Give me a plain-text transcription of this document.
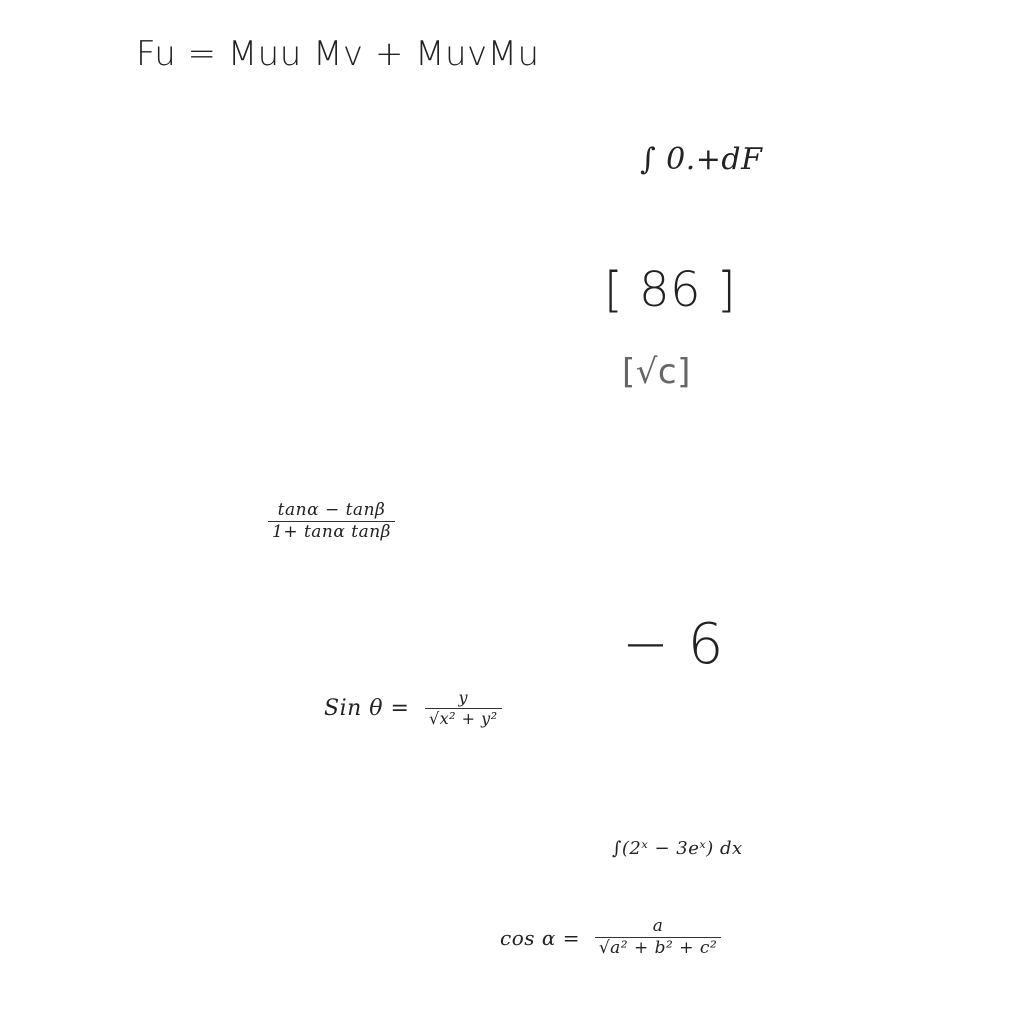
Fu = Muu Mv + MuvMu
∫ 0.+dF
[ 86 ]
[√c]
$\frac{\tan\alpha - \tan\beta}{\text{1+ tanα tanβ}}$
− 6
Sin $\theta = \frac{y}{\text{√x² + y²}}$
∫(2ˣ − 3eˣ) dx
$\cos \alpha = \frac{a}{\text{√a² + b² + c²}}$
